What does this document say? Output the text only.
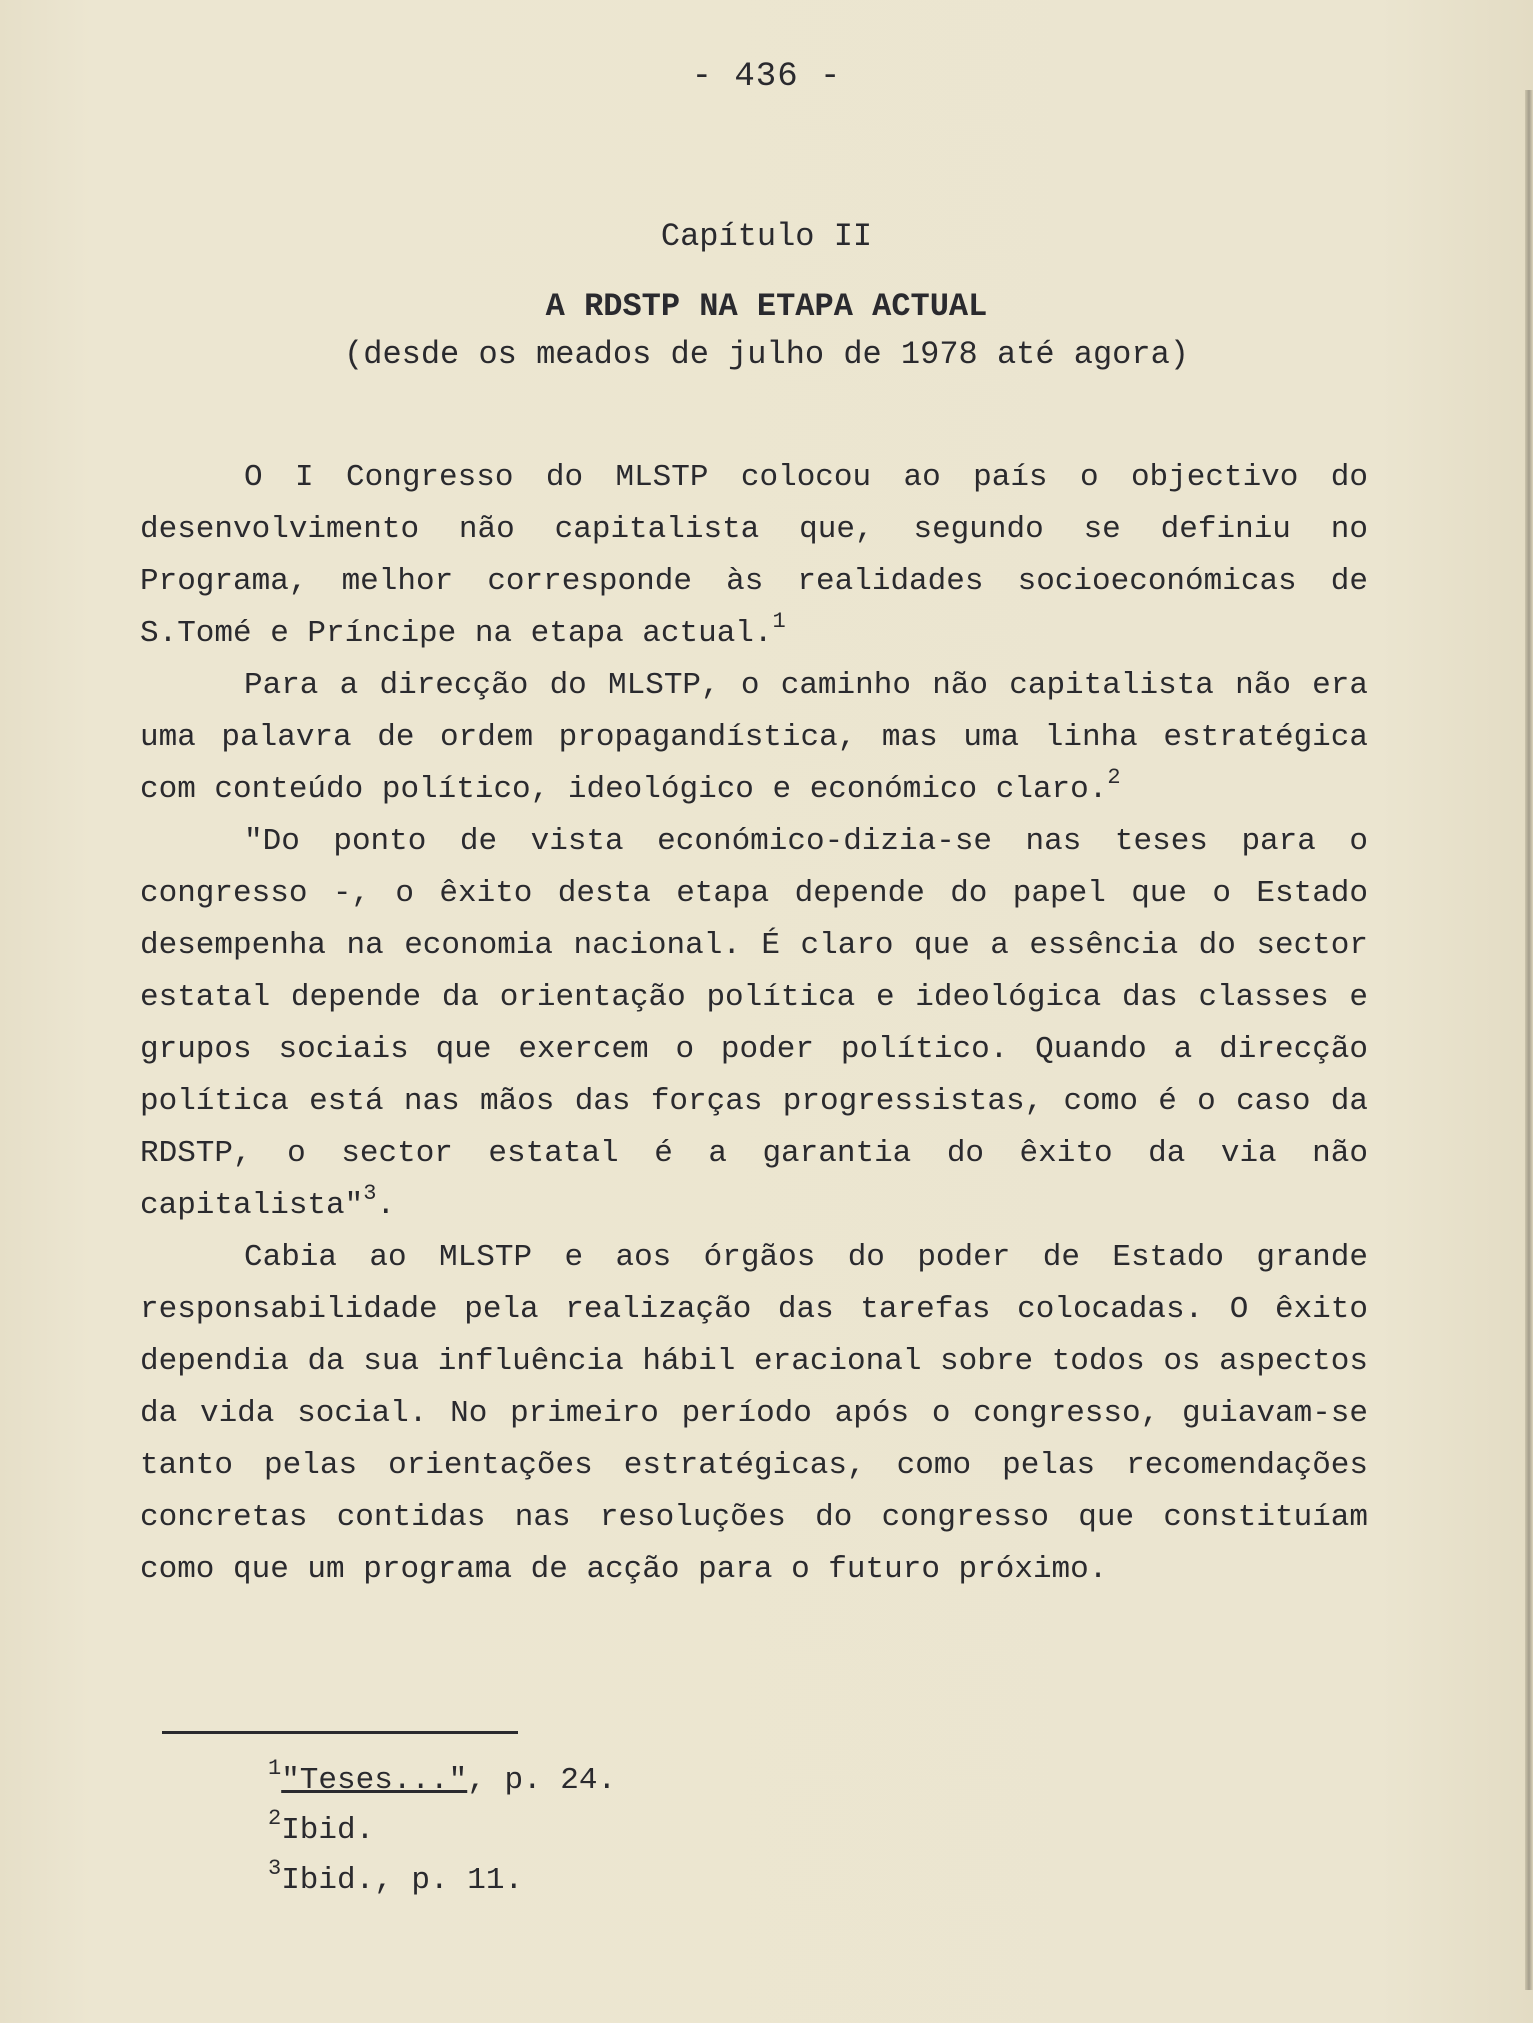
- 436 -
Capítulo II
A RDSTP NA ETAPA ACTUAL
(desde os meados de julho de 1978 até agora)

O I Congresso do MLSTP colocou ao país o objectivo do desenvolvimento não capitalista que, segundo se definiu no Programa, melhor corresponde às realidades socioeconómicas de S.Tomé e Príncipe na etapa actual.$^1$

Para a direcção do MLSTP, o caminho não capitalista não era uma palavra de ordem propagandística, mas uma linha estratégica com conteúdo político, ideológico e económico claro.$^2$

"Do ponto de vista económico-dizia-se nas teses para o congresso -, o êxito desta etapa depende do papel que o Estado desempenha na economia nacional. É claro que a essência do sector estatal depende da orientação política e ideológica das classes e grupos sociais que exercem o poder político. Quando a direcção política está nas mãos das forças progressistas, como é o caso da RDSTP, o sector estatal é a garantia do êxito da via não capitalista"$^3$.

Cabia ao MLSTP e aos órgãos do poder de Estado grande responsabilidade pela realização das tarefas colocadas. O êxito dependia da sua influência hábil eracional sobre todos os aspectos da vida social. No primeiro período após o congresso, guiavam-se tanto pelas orientações estratégicas, como pelas recomendações concretas contidas nas resoluções do congresso que constituíam como que um programa de acção para o futuro próximo.

$^1$"Teses...", p. 24.
$^2$Ibid.
$^3$Ibid., p. 11.
